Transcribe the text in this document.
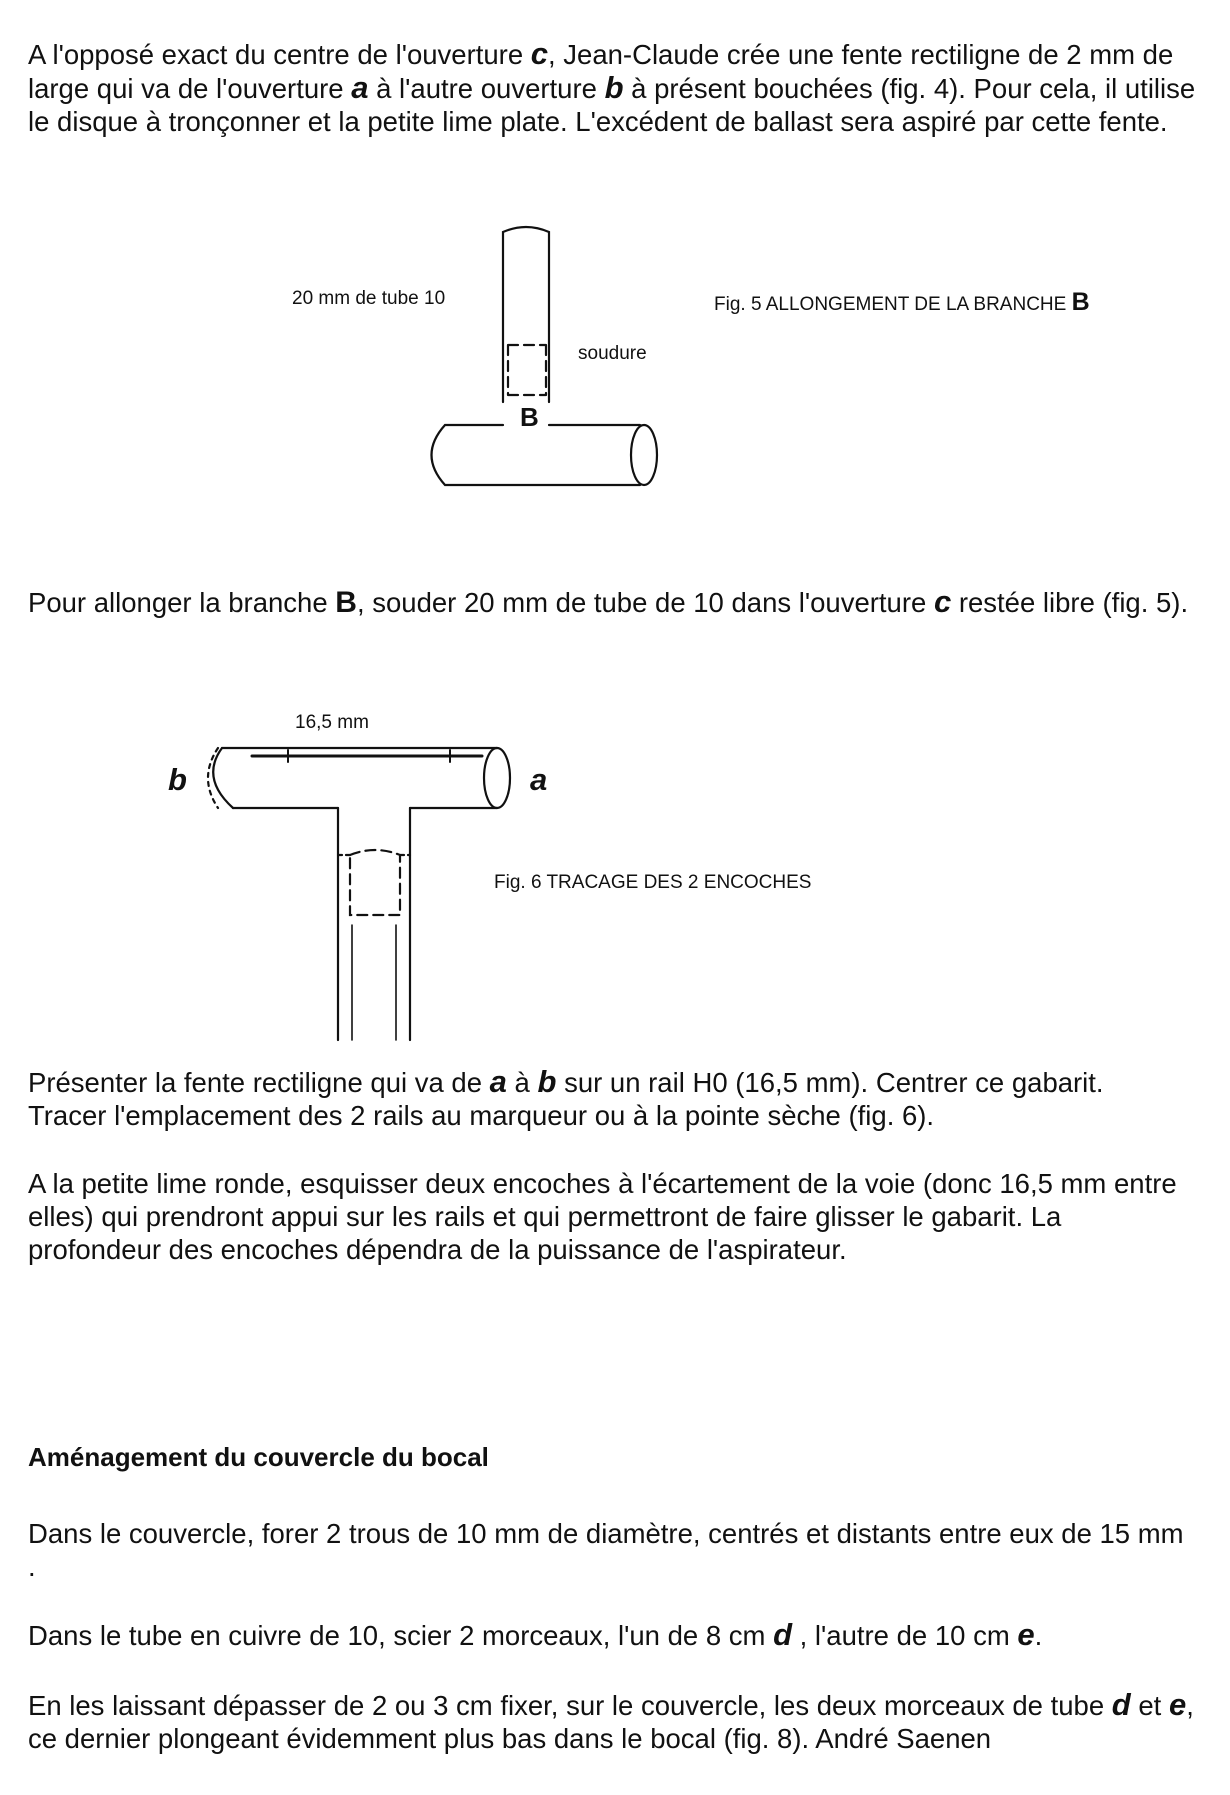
A l'opposé exact du centre de l'ouverture c, Jean-Claude crée une fente rectiligne de 2 mm de large qui va de l'ouverture a à l'autre ouverture b à présent bouchées (fig. 4). Pour cela, il utilise le disque à tronçonner et la petite lime plate. L'excédent de ballast sera aspiré par cette fente.

20 mm de tube 10
soudure
B
Fig. 5 ALLONGEMENT DE LA BRANCHE B

Pour allonger la branche B, souder 20 mm de tube de 10 dans l'ouverture c restée libre (fig. 5).

16,5 mm
b	a
Fig. 6 TRACAGE DES 2 ENCOCHES

Présenter la fente rectiligne qui va de a à b sur un rail H0 (16,5 mm). Centrer ce gabarit. Tracer l'emplacement des 2 rails au marqueur ou à la pointe sèche (fig. 6).

A la petite lime ronde, esquisser deux encoches à l'écartement de la voie (donc 16,5 mm entre elles) qui prendront appui sur les rails et qui permettront de faire glisser le gabarit. La profondeur des encoches dépendra de la puissance de l'aspirateur.

Aménagement du couvercle du bocal

Dans le couvercle, forer 2 trous de 10 mm de diamètre, centrés et distants entre eux de 15 mm .

Dans le tube en cuivre de 10, scier 2 morceaux, l'un de 8 cm d , l'autre de 10 cm e.

En les laissant dépasser de 2 ou 3 cm fixer, sur le couvercle, les deux morceaux de tube d et e, ce dernier plongeant évidemment plus bas dans le bocal (fig. 8). André Saenen
